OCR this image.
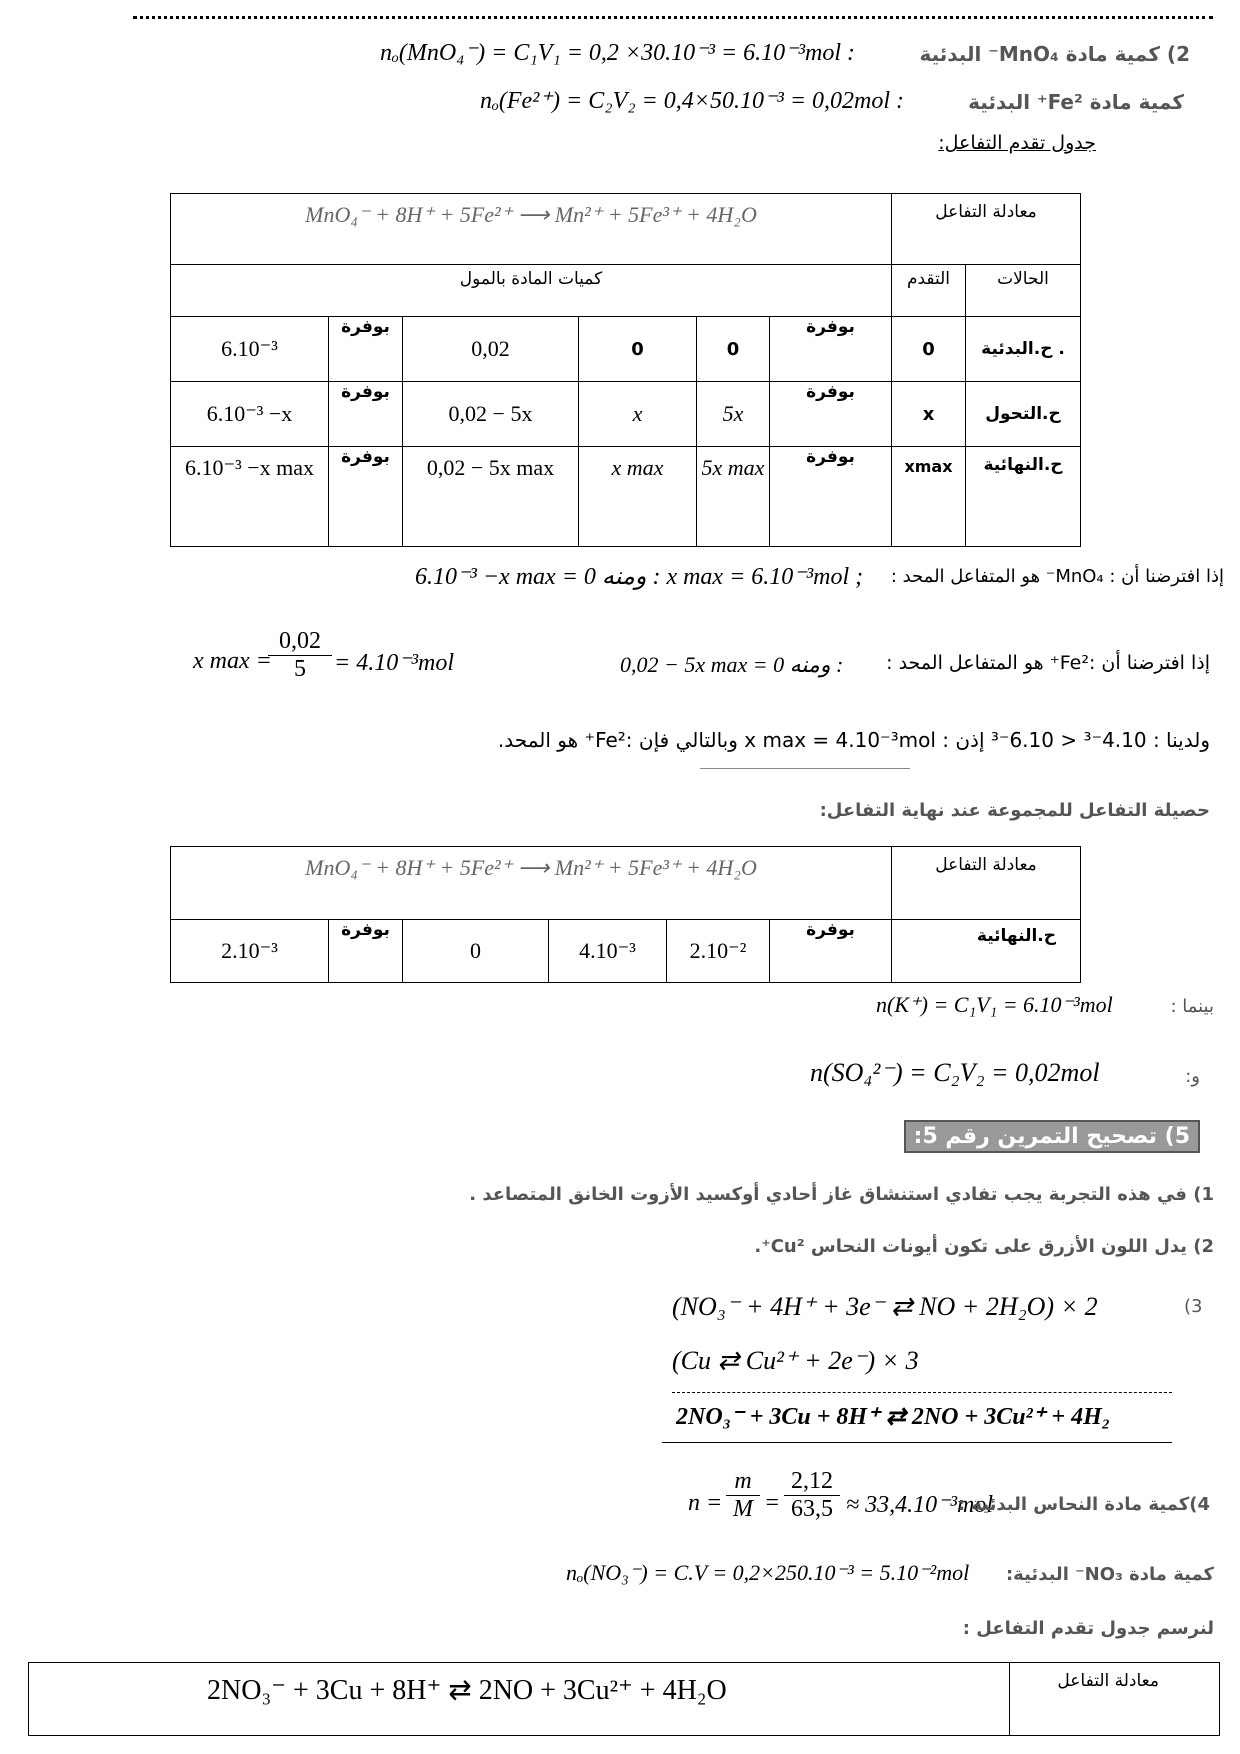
nₒ(MnO₄⁻) = C₁V₁ = 0,2 ×30.10⁻³ = 6.10⁻³mol :	2) كمية مادة MnO₄⁻ البدئية
nₒ(Fe²⁺) = C₂V₂ = 0,4×50.10⁻³ = 0,02mol :	كمية مادة Fe²⁺ البدئية
جدول تقدم التفاعل:
MnO₄⁻ + 8H⁺ + 5Fe²⁺ ⟶ Mn²⁺ + 5Fe³⁺ + 4H₂O						معادلة التفاعل	
كميات المادة بالمول						التقدم	الحالات
6.10⁻³	بوفرة	0,02	0	0	بوفرة	0	. ح.البدئية
6.10⁻³ −x	بوفرة	0,02 − 5x	x	5x	بوفرة	x	ح.التحول
6.10⁻³ −x max	بوفرة	0,02 − 5x max	x max	5x max	بوفرة	xmax	ح.النهائية
6.10⁻³ −x max = 0 ومنه : x max = 6.10⁻³mol ; إذا افترضنا أن : MnO₄⁻ هو المتفاعل المحد :
x max =
$\frac{0,02}{5} = 4.10^{-3}mol$	0,02 − 5x max = 0 ومنه : إذا افترضنا أن :Fe²⁺ هو المتفاعل المحد :
ولدينا : 4.10⁻³ < 6.10⁻³ إذن : x max = 4.10⁻³mol وبالتالي فإن :Fe²⁺ هو المحد.
حصيلة التفاعل للمجموعة عند نهاية التفاعل:
MnO₄⁻ + 8H⁺ + 5Fe²⁺ ⟶ Mn²⁺ + 5Fe³⁺ + 4H₂O						معادلة التفاعل
2.10⁻³	بوفرة	0	4.10⁻³	2.10⁻²	بوفرة	ح.النهائية
n(K⁺) = C₁V₁ = 6.10⁻³mol	بينما :
n(SO₄²⁻) = C₂V₂ = 0,02mol	و:
5) تصحيح التمرين رقم 5:
1) في هذه التجربة يجب تفادي استنشاق غاز أحادي أوكسيد الأزوت الخانق المتصاعد .
2) يدل اللون الأزرق على تكون أيونات النحاس Cu²⁺.
(3
(NO₃⁻ + 4H⁺ + 3e⁻ ⇄ NO + 2H₂O) × 2
(Cu ⇄ Cu²⁺ + 2e⁻) × 3
2NO₃⁻ + 3Cu + 8H⁺ ⇄ 2NO + 3Cu²⁺ + 4H₂
$n = \frac{m}{M} = \frac{2,12}{63,5} \approx 33,4.10^{-3}mol$
4)كمية مادة النحاس البدئية :
nₒ(NO₃⁻) = C.V = 0,2×250.10⁻³ = 5.10⁻²mol كمية مادة NO₃⁻ البدئية:
لنرسم جدول تقدم التفاعل :
2NO₃⁻ + 3Cu + 8H⁺ ⇄ 2NO + 3Cu²⁺ + 4H₂O	معادلة التفاعل
